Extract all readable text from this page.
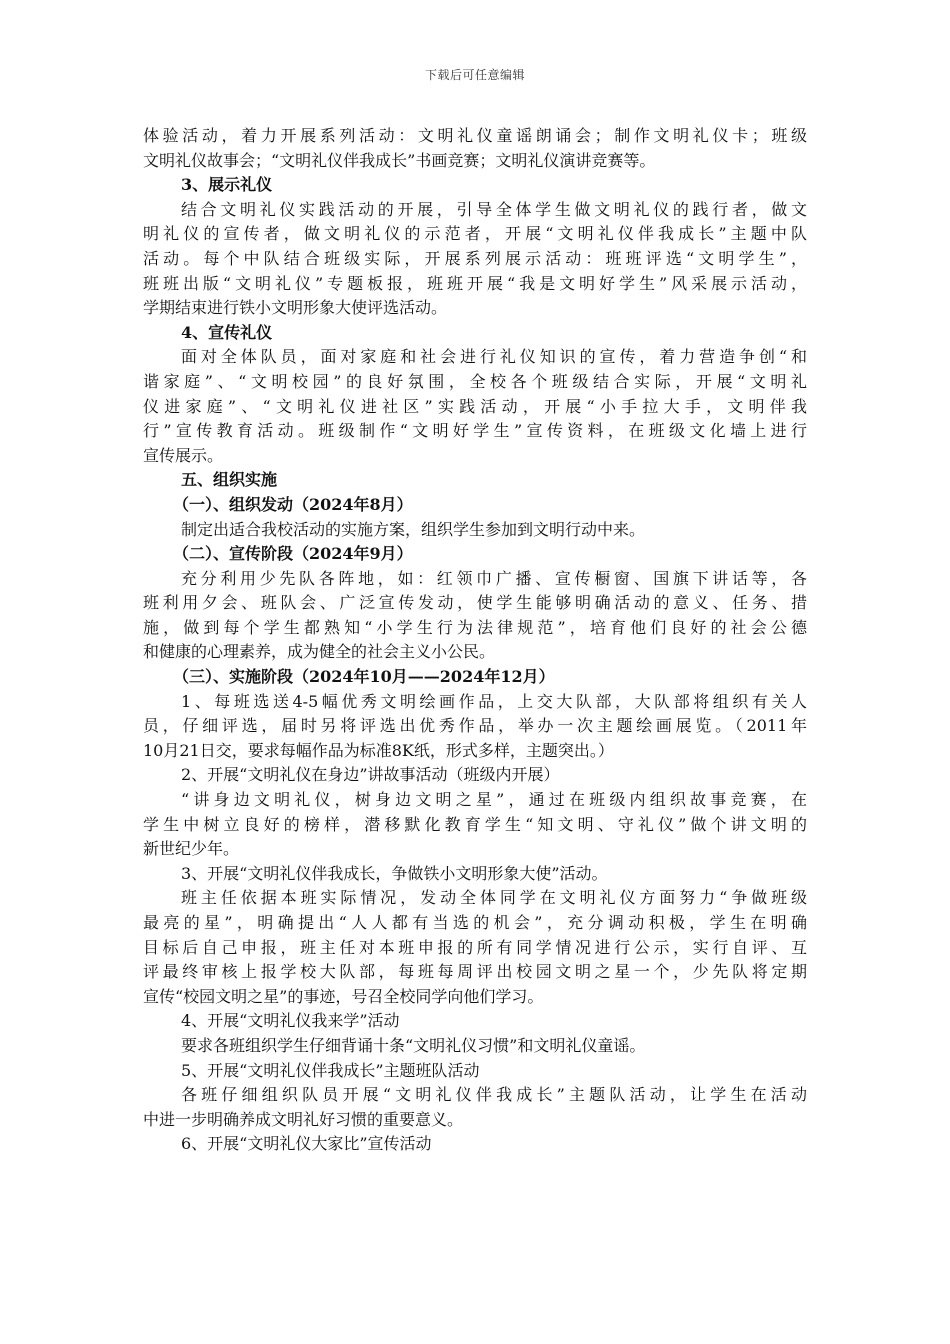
下载后可任意编辑
体验活动，着力开展系列活动：文明礼仪童谣朗诵会；制作文明礼仪卡；班级
文明礼仪故事会；“文明礼仪伴我成长”书画竞赛；文明礼仪演讲竞赛等。
3、展示礼仪
结合文明礼仪实践活动的开展，引导全体学生做文明礼仪的践行者，做文
明礼仪的宣传者，做文明礼仪的示范者，开展“文明礼仪伴我成长”主题中队
活动。每个中队结合班级实际，开展系列展示活动：班班评选“文明学生”，
班班出版“文明礼仪”专题板报，班班开展“我是文明好学生”风采展示活动，
学期结束进行铁小文明形象大使评选活动。
4、宣传礼仪
面对全体队员，面对家庭和社会进行礼仪知识的宣传，着力营造争创“和
谐家庭”、“文明校园”的良好氛围，全校各个班级结合实际，开展“文明礼
仪进家庭”、“文明礼仪进社区”实践活动，开展“小手拉大手，文明伴我
行”宣传教育活动。班级制作“文明好学生”宣传资料，在班级文化墙上进行
宣传展示。
五、组织实施
（一）、组织发动（2024年8月）
制定出适合我校活动的实施方案，组织学生参加到文明行动中来。
（二）、宣传阶段（2024年9月）
充分利用少先队各阵地，如：红领巾广播、宣传橱窗、国旗下讲话等，各
班利用夕会、班队会、广泛宣传发动，使学生能够明确活动的意义、任务、措
施，做到每个学生都熟知“小学生行为法律规范”，培育他们良好的社会公德
和健康的心理素养，成为健全的社会主义小公民。
（三）、实施阶段（2024年10月——2024年12月）
1、每班选送4-5幅优秀文明绘画作品，上交大队部，大队部将组织有关人
员，仔细评选，届时另将评选出优秀作品，举办一次主题绘画展览。（2011年
10月21日交，要求每幅作品为标准8K纸，形式多样，主题突出。）
2、开展“文明礼仪在身边”讲故事活动（班级内开展）
“讲身边文明礼仪，树身边文明之星”，通过在班级内组织故事竞赛，在
学生中树立良好的榜样，潜移默化教育学生“知文明、守礼仪”做个讲文明的
新世纪少年。
3、开展“文明礼仪伴我成长，争做铁小文明形象大使”活动。
班主任依据本班实际情况，发动全体同学在文明礼仪方面努力“争做班级
最亮的星”，明确提出“人人都有当选的机会”，充分调动积极，学生在明确
目标后自己申报，班主任对本班申报的所有同学情况进行公示，实行自评、互
评最终审核上报学校大队部，每班每周评出校园文明之星一个，少先队将定期
宣传“校园文明之星”的事迹，号召全校同学向他们学习。
4、开展“文明礼仪我来学”活动
要求各班组织学生仔细背诵十条“文明礼仪习惯”和文明礼仪童谣。
5、开展“文明礼仪伴我成长”主题班队活动
各班仔细组织队员开展“文明礼仪伴我成长”主题队活动，让学生在活动
中进一步明确养成文明礼好习惯的重要意义。
6、开展“文明礼仪大家比”宣传活动
